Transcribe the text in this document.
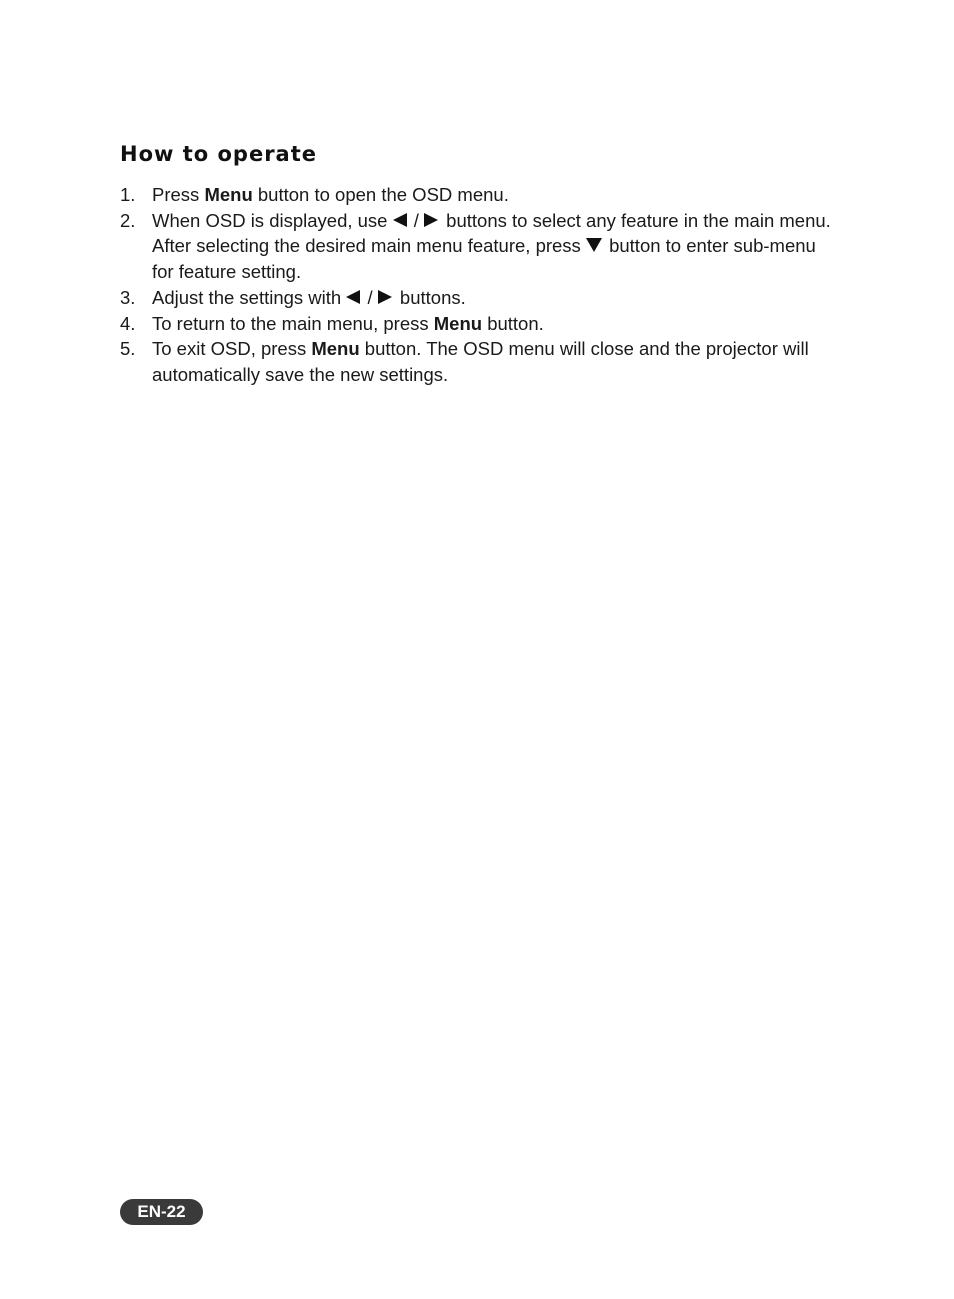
How to operate
1. Press Menu button to open the OSD menu.
2. When OSD is displayed, use  /  buttons to select any feature in the main menu.
After selecting the desired main menu feature, press  button to enter sub-menu
for feature setting.
3. Adjust the settings with  /  buttons.
4. To return to the main menu, press Menu button.
5. To exit OSD, press Menu button. The OSD menu will close and the projector will
automatically save the new settings.
EN-22
